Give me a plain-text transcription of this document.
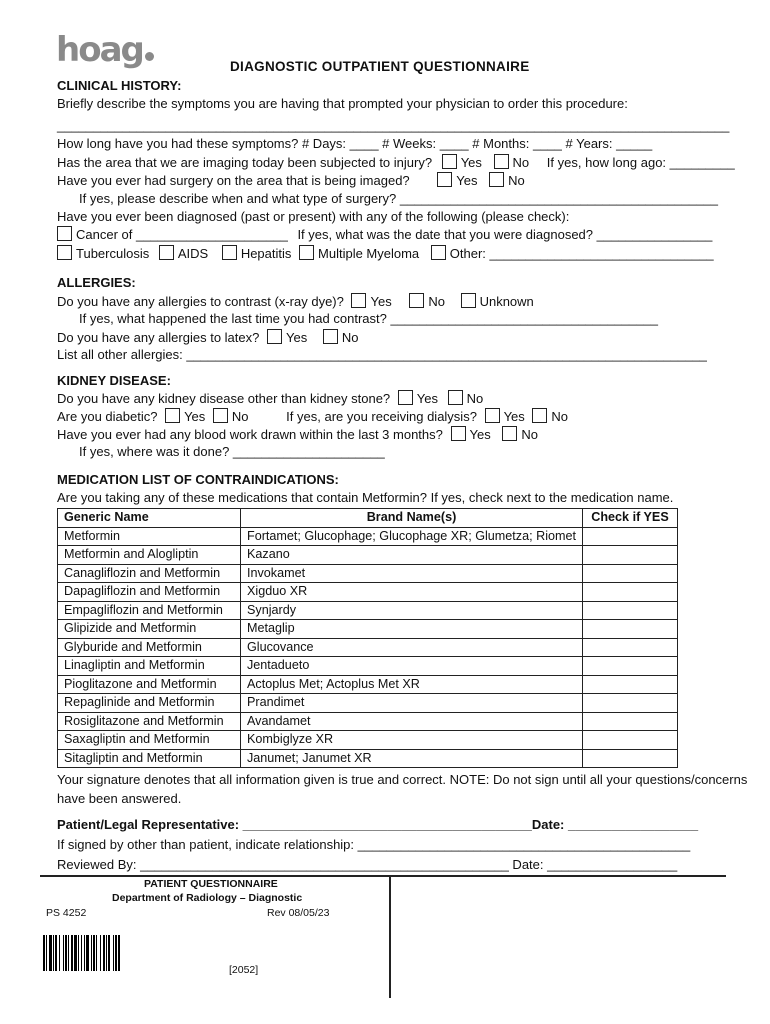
hoag	DIAGNOSTIC OUTPATIENT QUESTIONNAIRE
CLINICAL HISTORY:
Briefly describe the symptoms you are having that prompted your physician to order this procedure:
_____________________________________________________________________________________________
How long have you had these symptoms? # Days: ____ # Weeks: ____ # Months: ____ # Years: _____
Has the area that we are imaging today been subjected to injury? Yes No If yes, how long ago: _________
Have you ever had surgery on the area that is being imaged?	Yes No
If yes, please describe when and what type of surgery? ____________________________________________
Have you ever been diagnosed (past or present) with any of the following (please check):
Cancer of _____________________ If yes, what was the date that you were diagnosed? ________________
Tuberculosis AIDS	Hepatitis Multiple Myeloma Other: _______________________________
ALLERGIES:
Do you have any allergies to contrast (x-ray dye)? Yes	No	Unknown
If yes, what happened the last time you had contrast? _____________________________________
Do you have any allergies to latex? Yes	No
List all other allergies: ________________________________________________________________________
KIDNEY DISEASE:
Do you have any kidney disease other than kidney stone? Yes No
Are you diabetic? Yes No	If yes, are you receiving dialysis? Yes No
Have you ever had any blood work drawn within the last 3 months? Yes No
If yes, where was it done? _____________________
MEDICATION LIST OF CONTRAINDICATIONS:
Are you taking any of these medications that contain Metformin? If yes, check next to the medication name.
Generic Name	Brand Name(s)	Check if YES
Metformin	Fortamet; Glucophage; Glucophage XR; Glumetza; Riomet	
Metformin and Alogliptin	Kazano	
Canagliflozin and Metformin	Invokamet	
Dapagliflozin and Metformin	Xigduo XR	
Empagliflozin and Metformin	Synjardy	
Glipizide and Metformin	Metaglip	
Glyburide and Metformin	Glucovance	
Linagliptin and Metformin	Jentadueto	
Pioglitazone and Metformin	Actoplus Met; Actoplus Met XR	
Repaglinide and Metformin	Prandimet	
Rosiglitazone and Metformin	Avandamet	
Saxagliptin and Metformin	Kombiglyze XR	
Sitagliptin and Metformin	Janumet; Janumet XR	
Your signature denotes that all information given is true and correct. NOTE: Do not sign until all your questions/concerns
have been answered.
Patient/Legal Representative: ________________________________________Date: __________________
If signed by other than patient, indicate relationship: ______________________________________________
Reviewed By: ___________________________________________________ Date: __________________
PATIENT QUESTIONNAIRE
Department of Radiology – Diagnostic
PS 4252	Rev 08/05/23
[2052]
